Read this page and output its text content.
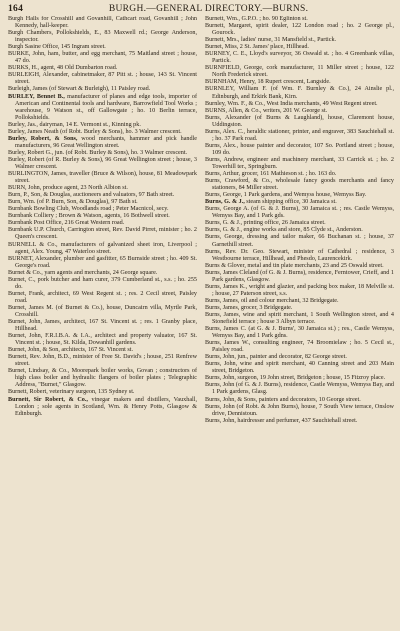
164	BURGH.—GENERAL DIRECTORY.—BURNS.

Burgh Halls for Crosshill and Govanhill, Cathcart road, Govanhill ; John Kennedy, hall-keeper.

Burgh Chambers, Pollokshields, E., 83 Maxwell rd.; George Anderson, inspector.

Burgh Sasine Office, 145 Ingram street.

BURKE, John, ham, butter, and egg merchant, 75 Maitland street ; house, 47 do.

BURKS, H., agent, 48 Old Dumbarton road.

BURLEIGH, Alexander, cabinetmaker, 87 Pitt st. ; house, 143 St. Vincent street.

Burleigh, James (of Stewart & Burleigh), 11 Paisley road.

BURLEY, Bennet B., manufacturer of planes and edge tools, importer of American and Continental tools and hardware, Barrowfield Tool Works ; warehouse, 9 Watson st., off Gallowgate ; ho. 10 Berlin terrace, Pollokshields.

Burley, Jas., dairyman, 14 E. Vermont st., Kinning pk.

Burley, James Neath (of Robt. Burley & Sons), ho. 3 Walmer crescent.

Burley, Robert, & Sons, wood merchants, hammer and pick handle manufacturers, 96 Great Wellington street.

Burley, Robert G., jun. (of Robt. Burley & Sons), ho. 3 Walmer crescent.

Burley, Robert (of R. Burley & Sons), 96 Great Wellington street ; house, 3 Walmer crescent.

BURLINGTON, James, traveller (Bruce & Wilson), house, 81 Meadowpark street.

BURN, John, produce agent, 23 North Albion st.

Burn, P., Son, & Douglas, auctioneers and valuators, 97 Bath street.

Burn, Wm. (of P. Burn, Son, & Douglas), 97 Bath st.

Burnbank Bowling Club, Woodlands road ; Peter Macnicol, secy.

Burnbank Colliery ; Brown & Watson, agents, 16 Bothwell street.

Burnbank Post Office, 216 Great Western road.

Burnbank U.P. Church, Carrington street, Rev. David Pirret, minister ; ho. 2 Queen's crescent.

BURNELL & Co., manufacturers of galvanized sheet iron, Liverpool ; agent, Alex. Young, 47 Waterloo street.

BURNET, Alexander, plumber and gasfitter, 65 Burnside street ; ho. 409 St. George's road.

Burnet & Co., yarn agents and merchants, 24 George square.

Burnet, C., pork butcher and ham curer, 379 Cumberland st., s.s. ; ho. 255 do.

Burnet, Frank, architect, 69 West Regent st. ; res. 2 Cecil street, Paisley road.

Burnet, James M. (of Burnet & Co.), house, Duncairn villa, Myrtle Park, Crosshill.

Burnet, John, James, architect, 167 St. Vincent st. ; res. 1 Granby place, Hillhead.

Burnet, John, F.R.I.B.A. & I.A., architect and property valuator, 167 St. Vincent st. ; house, St. Kilda, Dowanhill gardens.

Burnet, John, & Son, architects, 167 St. Vincent st.

Burnett, Rev. John, B.D., minister of Free St. David's ; house, 251 Renfrew street.

Burnet, Lindsay, & Co., Moorepark boiler works, Govan ; constructors of high class boiler and hydraulic flangers of boiler plates ; Telegraphic Address, "Burnet," Glasgow.

Burnett, Robert, veterinary surgeon, 135 Sydney st.

Burnett, Sir Robert, & Co., vinegar makers and distillers, Vauxhall, London ; sole agents in Scotland, Wm. & Henry Potts, Glasgow & Edinburgh.

Burnett, Wm., G.P.O. ; ho. 90 Eglinton st.

Burnett, Margaret, spirit dealer, 122 London road ; ho. 2 George pl., Gourock.

Burnett, Mrs., ladies' nurse, 31 Mansfield st., Partick.

Burnet, Miss, 2 St. James' place, Hillhead.

BURNEY, C. E., Lloyd's surveyor, 36 Oswald st. ; ho. 4 Greenbank villas, Partick.

BURNFIELD, George, cork manufacturer, 11 Miller street ; house, 122 North Frederick street.

BURNHAM, Henry, 18 Rupert crescent, Langside.

BURNLEY, William F. (of Wm. F. Burnley & Co.), 24 Ainslie pl., Edinburgh, and Erkirk Bank, Kirn.

Burnley, Wm. F., & Co., West India merchants, 49 West Regent street.

BURNS, Allen, & Co., writers, 201 W. George st.

Burns, Alexander (of Burns & Laughland), house, Claremont house, Uddingston.

Burns, Alex. C., heraldic stationer, printer, and engraver, 383 Sauchiehall st. ; ho. 37 Park road.

Burns, Alex., house painter and decorator, 107 So. Portland street ; house, 109 do.

Burns, Andrew, engineer and machinery merchant, 33 Carrick st. ; ho. 2 Towerhill ter., Springburn.

Burns, Arthur, grocer, 161 Mathieson st. ; ho. 163 do.

Burns, Crawford, & Co., wholesale fancy goods merchants and fancy stationers, 84 Miller street.

Burns, George, 1 Park gardens, and Wemyss house, Wemyss Bay.

Burns, G. & J., steam shipping office, 30 Jamaica st.

Burns, George A. (of G. & J. Burns), 30 Jamaica st. ; res. Castle Wemyss, Wemyss Bay, and 1 Park gds.

Burns, G. & J., printing office, 26 Jamaica street.

Burns, G. & J., engine works and store, 85 Clyde st., Anderston.

Burns, George, dressing and tailor maker, 66 Buchanan st. ; house, 37 Garnethill street.

Burns, Rev. Dr. Geo. Stewart, minister of Cathedral ; residence, 3 Westbourne terrace, Hillhead, and Phesdo, Laurencekirk.

Burns & Glover, metal and tin plate merchants, 23 and 25 Oswald street.

Burns, James Cleland (of G. & J. Burns), residence, Ferntower, Crieff, and 1 Park gardens, Glasgow.

Burns, James K., wright and glazier, and packing box maker, 18 Melville st. ; house, 27 Paterson street, s.s.

Burns, James, oil and colour merchant, 32 Bridgegate.

Burns, James, grocer, 3 Bridgegate.

Burns, James, wine and spirit merchant, 1 South Wellington street, and 4 Stonefield terrace ; house 3 Albyn terrace.

Burns, James C. (at G. & J. Burns', 30 Jamaica st.) ; res., Castle Wemyss, Wemyss Bay, and 1 Park gdns.

Burns, James W., consulting engineer, 74 Broomielaw ; ho. 5 Cecil st., Paisley road.

Burns, John, jun., painter and decorator, 82 George street.

Burns, John, wine and spirit merchant, 40 Canning street and 203 Main street, Bridgeton.

Burns, John, surgeon, 19 John street, Bridgeton ; house, 15 Fitzroy place.

Burns, John (of G. & J. Burns), residence, Castle Wemyss, Wemyss Bay, and 1 Park gardens, Glasg.

Burns, John, & Sons, painters and decorators, 10 George street.

Burns, John (of Robt. & John Burns), house, 7 South View terrace, Onslow drive, Dennistoun.

Burns, John, hairdresser and perfumer, 437 Sauchiehall street.
